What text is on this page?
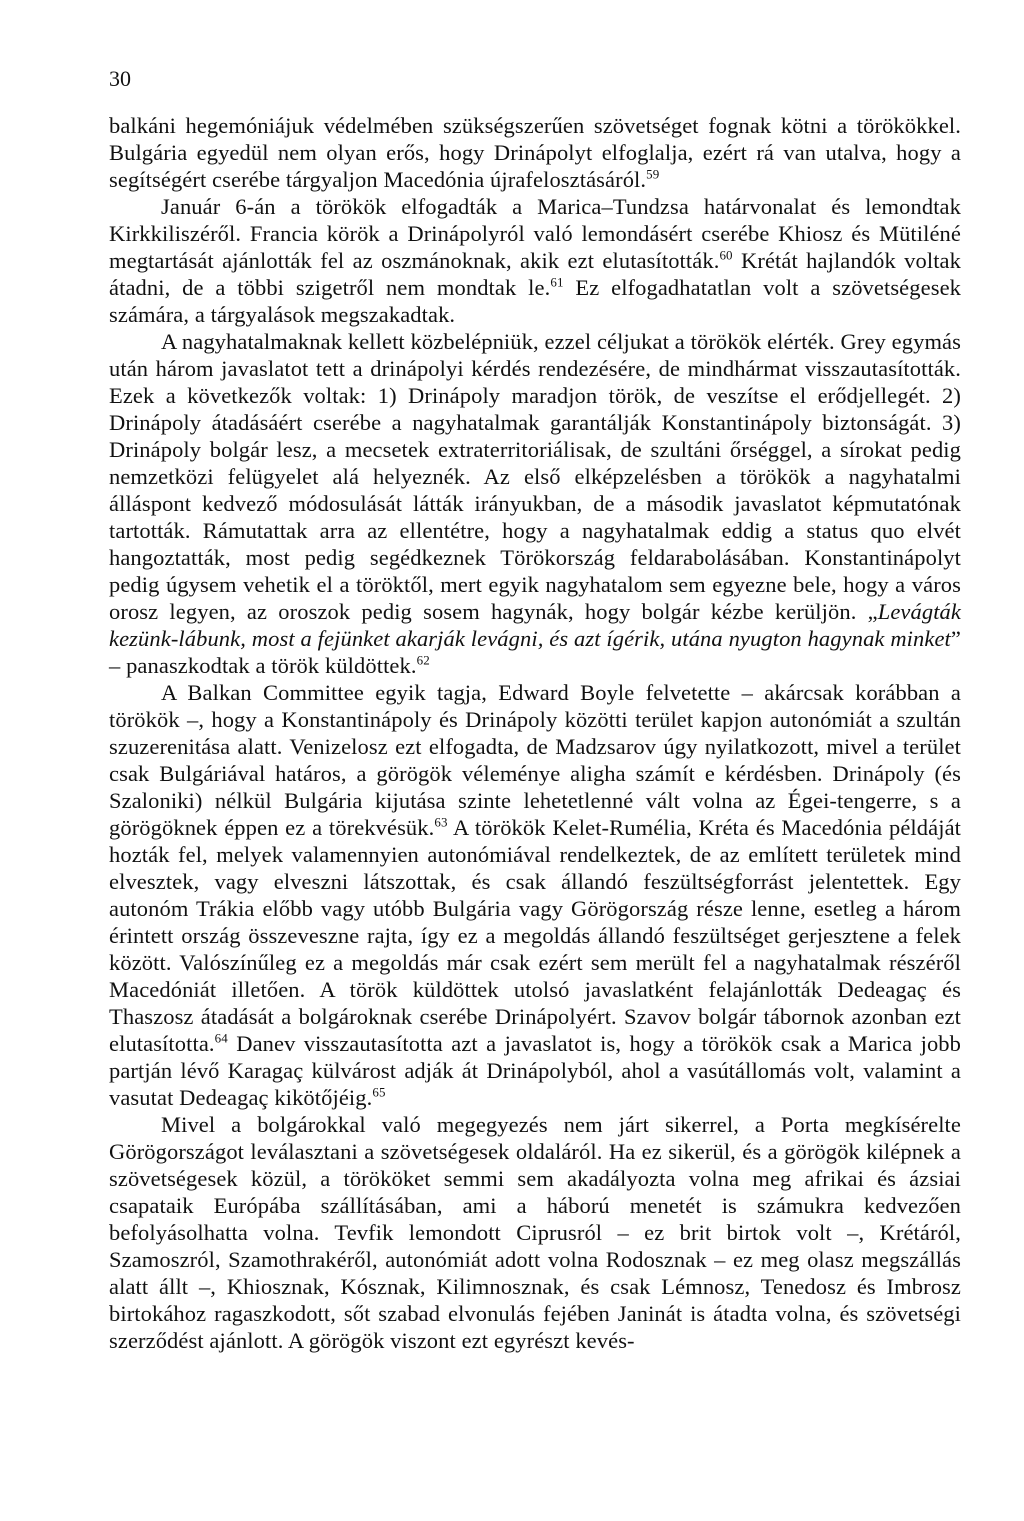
30

balkáni hegemóniájuk védelmében szükségszerűen szövetséget fognak kötni a törökökkel. Bulgária egyedül nem olyan erős, hogy Drinápolyt elfoglalja, ezért rá van utalva, hogy a segítségért cserébe tárgyaljon Macedónia újrafelosztásáról.$^{59}$

Január 6-án a törökök elfogadták a Marica–Tundzsa határvonalat és lemondtak Kirkkiliszéről. Francia körök a Drinápolyról való lemondásért cserébe Khiosz és Mütiléné megtartását ajánlották fel az oszmánoknak, akik ezt elutasították.$^{60}$ Krétát hajlandók voltak átadni, de a többi szigetről nem mondtak le.$^{61}$ Ez elfogadhatatlan volt a szövetségesek számára, a tárgyalások megszakadtak.

A nagyhatalmaknak kellett közbelépniük, ezzel céljukat a törökök elérték. Grey egymás után három javaslatot tett a drinápolyi kérdés rendezésére, de mindhármat visszautasították. Ezek a következők voltak: 1) Drinápoly maradjon török, de veszítse el erődjellegét. 2) Drinápoly átadásáért cserébe a nagyhatalmak garantálják Konstantinápoly biztonságát. 3) Drinápoly bolgár lesz, a mecsetek extraterritoriálisak, de szultáni őrséggel, a sírokat pedig nemzetközi felügyelet alá helyeznék. Az első elképzelésben a törökök a nagyhatalmi álláspont kedvező módosulását látták irányukban, de a második javaslatot képmutatónak tartották. Rámutattak arra az ellentétre, hogy a nagyhatalmak eddig a status quo elvét hangoztatták, most pedig segédkeznek Törökország feldarabolásában. Konstantinápolyt pedig úgysem vehetik el a töröktől, mert egyik nagyhatalom sem egyezne bele, hogy a város orosz legyen, az oroszok pedig sosem hagynák, hogy bolgár kézbe kerüljön. „Levágták kezünk-lábunk, most a fejünket akarják levágni, és azt ígérik, utána nyugton hagynak minket” – panaszkodtak a török küldöttek.$^{62}$

A Balkan Committee egyik tagja, Edward Boyle felvetette – akárcsak korábban a törökök –, hogy a Konstantinápoly és Drinápoly közötti terület kapjon autonómiát a szultán szuzerenitása alatt. Venizelosz ezt elfogadta, de Madzsarov úgy nyilatkozott, mivel a terület csak Bulgáriával határos, a görögök véleménye aligha számít e kérdésben. Drinápoly (és Szaloniki) nélkül Bulgária kijutása szinte lehetetlenné vált volna az Égei-tengerre, s a görögöknek éppen ez a törekvésük.$^{63}$ A törökök Kelet-Rumélia, Kréta és Macedónia példáját hozták fel, melyek valamennyien autonómiával rendelkeztek, de az említett területek mind elvesztek, vagy elveszni látszottak, és csak állandó feszültségforrást jelentettek. Egy autonóm Trákia előbb vagy utóbb Bulgária vagy Görögország része lenne, esetleg a három érintett ország összeveszne rajta, így ez a megoldás állandó feszültséget gerjesztene a felek között. Valószínűleg ez a megoldás már csak ezért sem merült fel a nagyhatalmak részéről Macedóniát illetően. A török küldöttek utolsó javaslatként felajánlották Dedeagaç és Thaszosz átadását a bolgároknak cserébe Drinápolyért. Szavov bolgár tábornok azonban ezt elutasította.$^{64}$ Danev visszautasította azt a javaslatot is, hogy a törökök csak a Marica jobb partján lévő Karagaç külvárost adják át Drinápolyból, ahol a vasútállomás volt, valamint a vasutat Dedeagaç kikötőjéig.$^{65}$

Mivel a bolgárokkal való megegyezés nem járt sikerrel, a Porta megkísérelte Görögországot leválasztani a szövetségesek oldaláról. Ha ez sikerül, és a görögök kilépnek a szövetségesek közül, a törököket semmi sem akadályozta volna meg afrikai és ázsiai csapataik Európába szállításában, ami a háború menetét is számukra kedvezően befolyásolhatta volna. Tevfik lemondott Ciprusról – ez brit birtok volt –, Krétáról, Szamoszról, Szamothrakéről, autonómiát adott volna Rodosznak – ez meg olasz megszállás alatt állt –, Khiosznak, Kósznak, Kilimnosznak, és csak Lémnosz, Tenedosz és Imbrosz birtokához ragaszkodott, sőt szabad elvonulás fejében Janinát is átadta volna, és szövetségi szerződést ajánlott. A görögök viszont ezt egyrészt kevés-
